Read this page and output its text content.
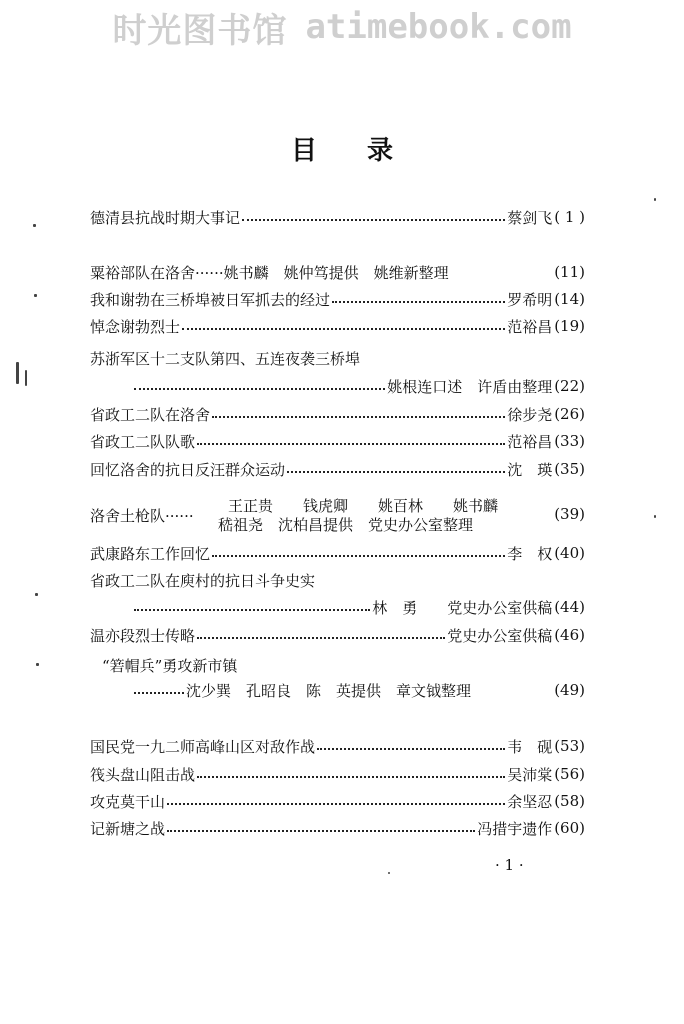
时光图书馆 atimebook.com
目 录
德清县抗战时期大事记	蔡剑飞 ( 1 )
粟裕部队在洛舍······姚书麟　姚仲笃提供　姚维新整理	(11)
我和谢勃在三桥埠被日军抓去的经过	罗希明 (14)
悼念谢勃烈士	范裕昌 (19)
苏浙军区十二支队第四、五连夜袭三桥埠
姚根连口述　许盾由整理 (22)
省政工二队在洛舍	徐步尧 (26)
省政工二队队歌	范裕昌 (33)
回忆洛舍的抗日反汪群众运动	沈　瑛 (35)
洛舍土枪队······
王正贵　　钱虎卿　　姚百林　　姚书麟
嵇祖尧　沈柏昌提供　党史办公室整理
(39)
武康路东工作回忆	李　权 (40)
省政工二队在庾村的抗日斗争史实
林　勇　　党史办公室供稿 (44)
温亦段烈士传略	党史办公室供稿 (46)
“箬帽兵”勇攻新市镇
沈少巽　孔昭良　陈　英提供　章文钺整理	(49)
国民党一九二师高峰山区对敌作战	韦　砚 (53)
筏头盘山阻击战	吴沛棠 (56)
攻克莫干山	余坚忍 (58)
记新塘之战	冯措宇遗作 (60)
· 1 ·
